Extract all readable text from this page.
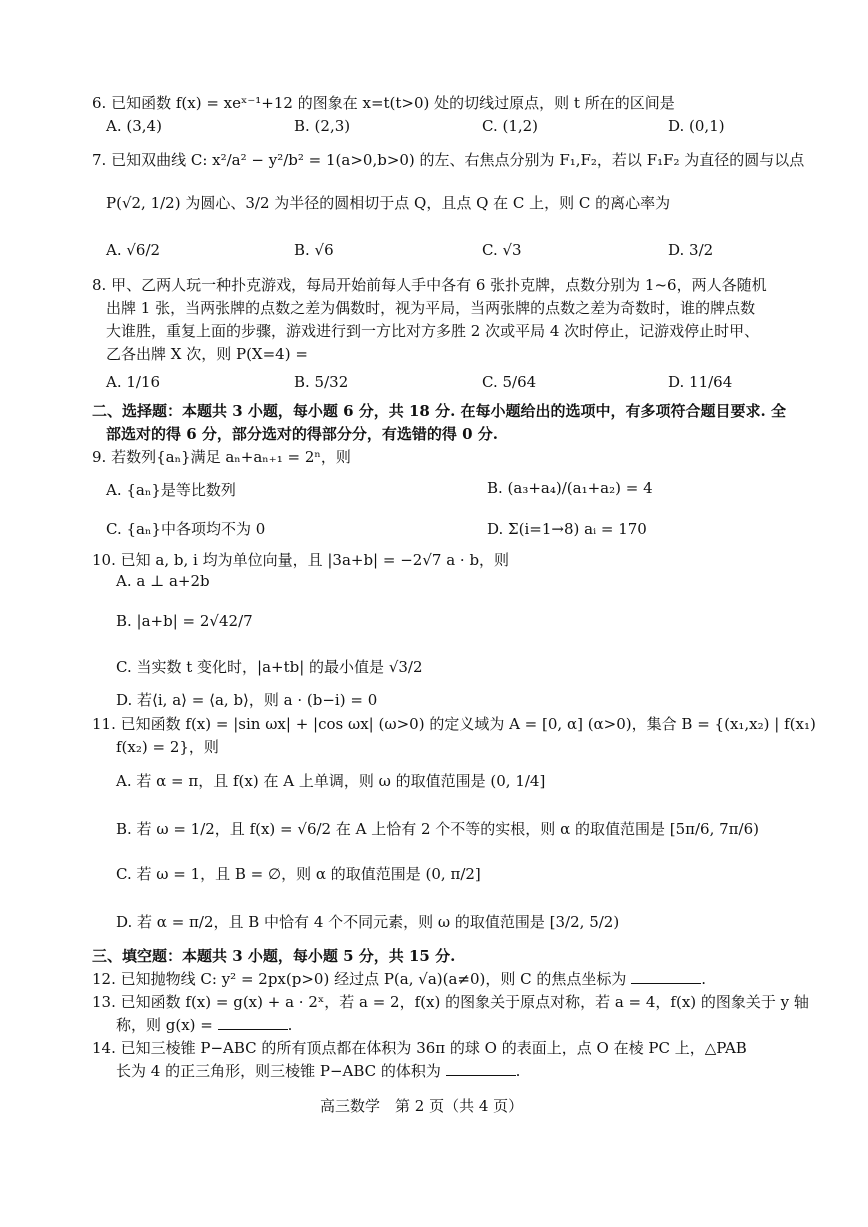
6. 已知函数 f(x) = xeˣ⁻¹+12 的图象在 x=t(t>0) 处的切线过原点，则 t 所在的区间是
A. (3,4)	B. (2,3)	C. (1,2)	D. (0,1)
7. 已知双曲线 C: x²/a² − y²/b² = 1(a>0,b>0) 的左、右焦点分别为 F₁,F₂，若以 F₁F₂ 为直径的圆与以点
P(√2, 1/2) 为圆心、3/2 为半径的圆相切于点 Q，且点 Q 在 C 上，则 C 的离心率为
A. √6/2	B. √6	C. √3	D. 3/2
8. 甲、乙两人玩一种扑克游戏，每局开始前每人手中各有 6 张扑克牌，点数分别为 1~6，两人各随机
出牌 1 张，当两张牌的点数之差为偶数时，视为平局，当两张牌的点数之差为奇数时，谁的牌点数
大谁胜，重复上面的步骤，游戏进行到一方比对方多胜 2 次或平局 4 次时停止，记游戏停止时甲、
乙各出牌 X 次，则 P(X=4) =
A. 1/16	B. 5/32	C. 5/64	D. 11/64
二、选择题：本题共 3 小题，每小题 6 分，共 18 分. 在每小题给出的选项中，有多项符合题目要求. 全
部选对的得 6 分，部分选对的得部分分，有选错的得 0 分.
9. 若数列{aₙ}满足 aₙ+aₙ₊₁ = 2ⁿ，则
A. {aₙ}是等比数列	B. (a₃+a₄)/(a₁+a₂) = 4
C. {aₙ}中各项均不为 0	D. Σ(i=1→8) aᵢ = 170
10. 已知 a, b, i 均为单位向量，且 |3a+b| = −2√7 a · b，则
A. a ⊥ a+2b
B. |a+b| = 2√42/7
C. 当实数 t 变化时，|a+tb| 的最小值是 √3/2
D. 若⟨i, a⟩ = ⟨a, b⟩，则 a · (b−i) = 0
11. 已知函数 f(x) = |sin ωx| + |cos ωx| (ω>0) 的定义域为 A = [0, α] (α>0)，集合 B = {(x₁,x₂) | f(x₁)
f(x₂) = 2}，则
A. 若 α = π，且 f(x) 在 A 上单调，则 ω 的取值范围是 (0, 1/4]
B. 若 ω = 1/2，且 f(x) = √6/2 在 A 上恰有 2 个不等的实根，则 α 的取值范围是 [5π/6, 7π/6)
C. 若 ω = 1，且 B = ∅，则 α 的取值范围是 (0, π/2]
D. 若 α = π/2，且 B 中恰有 4 个不同元素，则 ω 的取值范围是 [3/2, 5/2)
三、填空题：本题共 3 小题，每小题 5 分，共 15 分.
12. 已知抛物线 C: y² = 2px(p>0) 经过点 P(a, √a)(a≠0)，则 C 的焦点坐标为	.
13. 已知函数 f(x) = g(x) + a · 2ˣ，若 a = 2，f(x) 的图象关于原点对称，若 a = 4，f(x) 的图象关于 y 轴
称，则 g(x) =	.
14. 已知三棱锥 P−ABC 的所有顶点都在体积为 36π 的球 O 的表面上，点 O 在棱 PC 上，△PAB
长为 4 的正三角形，则三棱锥 P−ABC 的体积为	.
高三数学　第 2 页（共 4 页）
